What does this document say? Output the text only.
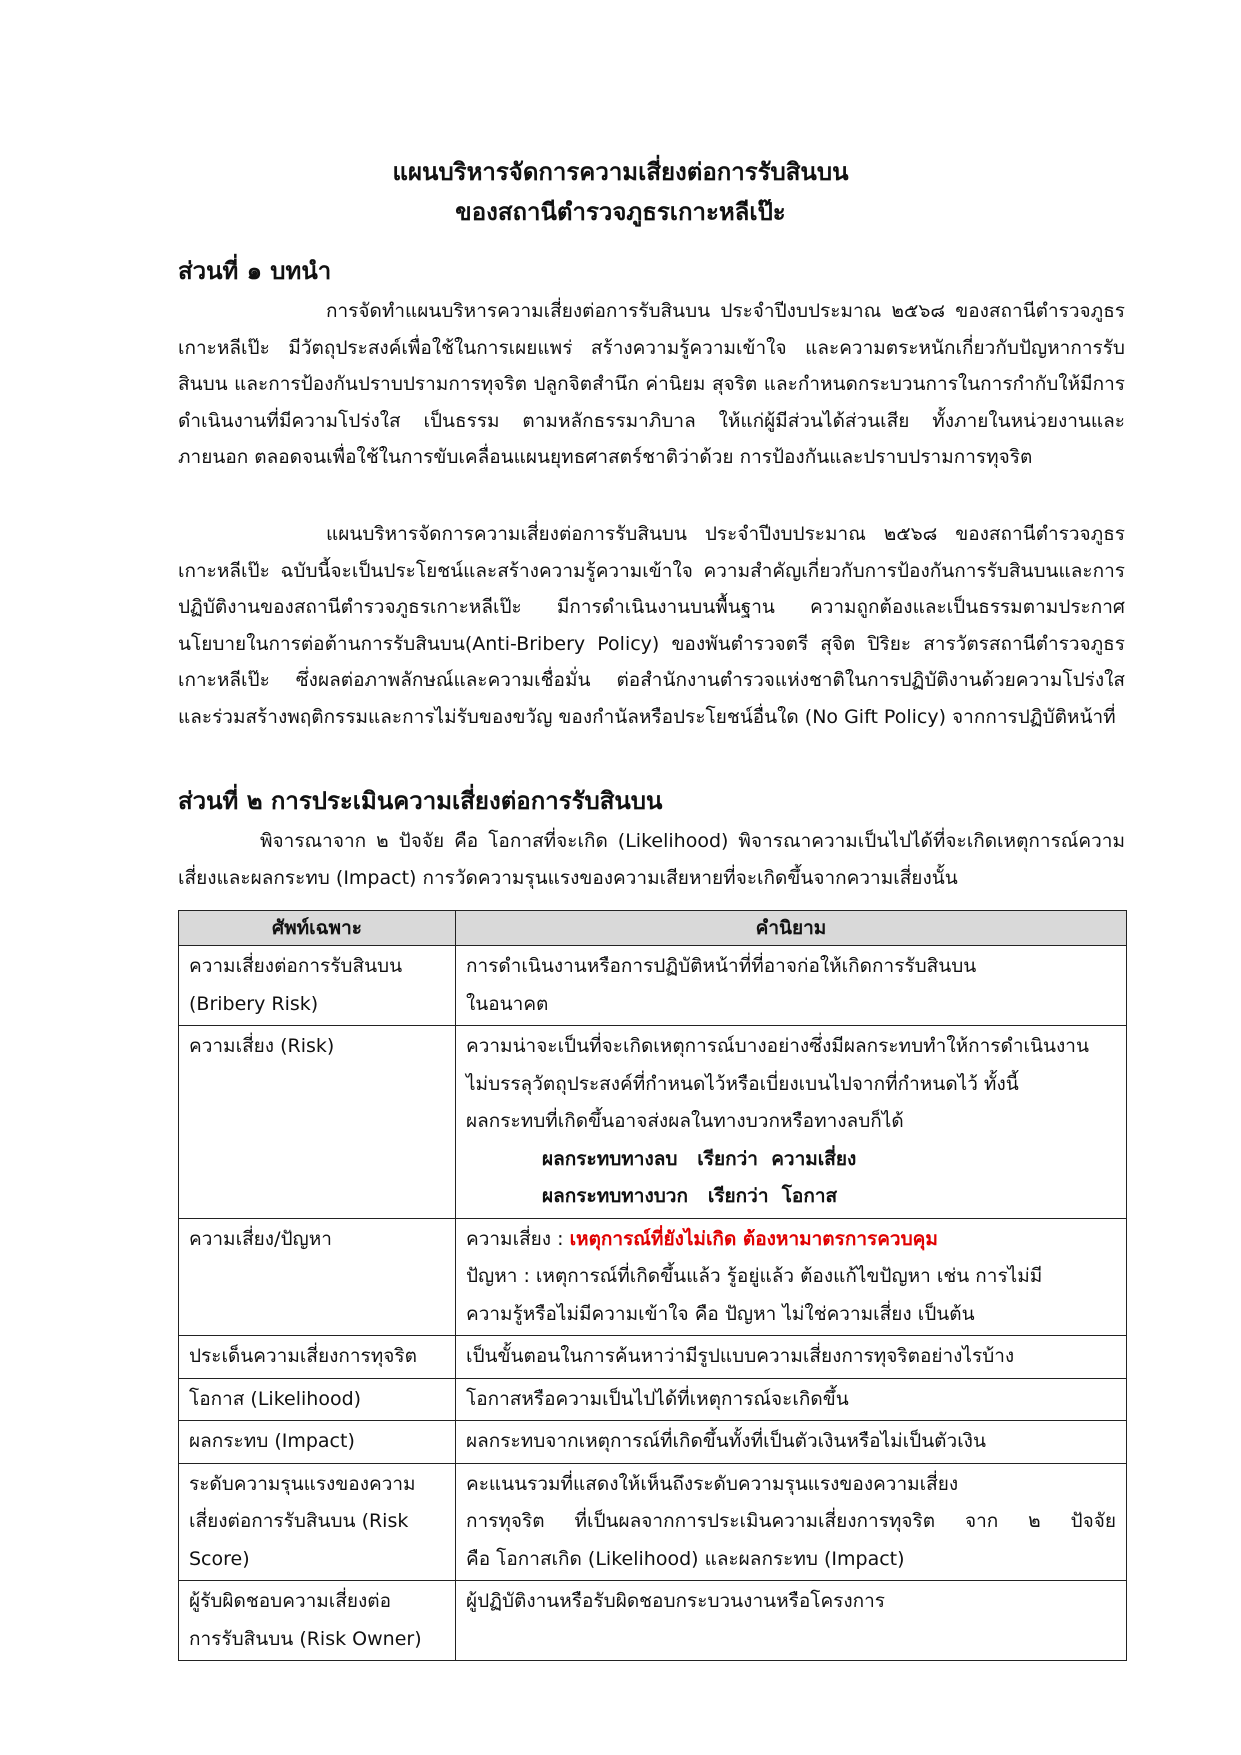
แผนบริหารจัดการความเสี่ยงต่อการรับสินบน
ของสถานีตำรวจภูธรเกาะหลีเป๊ะ
ส่วนที่ ๑ บทนำ
การจัดทำแผนบริหารความเสี่ยงต่อการรับสินบน ประจำปีงบประมาณ ๒๕๖๘ ของสถานีตำรวจภูธรเกาะหลีเป๊ะ มีวัตถุประสงค์เพื่อใช้ในการเผยแพร่ สร้างความรู้ความเข้าใจ และความตระหนักเกี่ยวกับปัญหาการรับสินบน และการป้องกันปราบปรามการทุจริต ปลูกจิตสำนึก ค่านิยม สุจริต และกำหนดกระบวนการในการกำกับให้มีการดำเนินงานที่มีความโปร่งใส เป็นธรรม ตามหลักธรรมาภิบาล ให้แก่ผู้มีส่วนได้ส่วนเสีย ทั้งภายในหน่วยงานและภายนอก ตลอดจนเพื่อใช้ในการขับเคลื่อนแผนยุทธศาสตร์ชาติว่าด้วย การป้องกันและปราบปรามการทุจริต
แผนบริหารจัดการความเสี่ยงต่อการรับสินบน ประจำปีงบประมาณ ๒๕๖๘ ของสถานีตำรวจภูธรเกาะหลีเป๊ะ ฉบับนี้จะเป็นประโยชน์และสร้างความรู้ความเข้าใจ ความสำคัญเกี่ยวกับการป้องกันการรับสินบนและการปฏิบัติงานของสถานีตำรวจภูธรเกาะหลีเป๊ะ มีการดำเนินงานบนพื้นฐาน ความถูกต้องและเป็นธรรมตามประกาศนโยบายในการต่อต้านการรับสินบน(Anti-Bribery Policy) ของพันตำรวจตรี สุจิต ปิริยะ สารวัตรสถานีตำรวจภูธรเกาะหลีเป๊ะ ซึ่งผลต่อภาพลักษณ์และความเชื่อมั่น ต่อสำนักงานตำรวจแห่งชาติในการปฏิบัติงานด้วยความโปร่งใส และร่วมสร้างพฤติกรรมและการไม่รับของขวัญ ของกำนัลหรือประโยชน์อื่นใด (No Gift Policy) จากการปฏิบัติหน้าที่
ส่วนที่ ๒ การประเมินความเสี่ยงต่อการรับสินบน
พิจารณาจาก ๒ ปัจจัย คือ โอกาสที่จะเกิด (Likelihood) พิจารณาความเป็นไปได้ที่จะเกิดเหตุการณ์ความเสี่ยงและผลกระทบ (Impact) การวัดความรุนแรงของความเสียหายที่จะเกิดขึ้นจากความเสี่ยงนั้น
ศัพท์เฉพาะ	คำนิยาม

ความเสี่ยงต่อการรับสินบน
(Bribery Risk)	การดำเนินงานหรือการปฏิบัติหน้าที่ที่อาจก่อให้เกิดการรับสินบน
ในอนาคต

ความเสี่ยง (Risk)	ความน่าจะเป็นที่จะเกิดเหตุการณ์บางอย่างซึ่งมีผลกระทบทำให้การดำเนินงาน
ไม่บรรลุวัตถุประสงค์ที่กำหนดไว้หรือเบี่ยงเบนไปจากที่กำหนดไว้ ทั้งนี้
ผลกระทบที่เกิดขึ้นอาจส่งผลในทางบวกหรือทางลบก็ได้
ผลกระทบทางลบ   เรียกว่า  ความเสี่ยง
ผลกระทบทางบวก   เรียกว่า  โอกาส

ความเสี่ยง/ปัญหา	ความเสี่ยง : เหตุการณ์ที่ยังไม่เกิด ต้องหามาตรการควบคุม
ปัญหา : เหตุการณ์ที่เกิดขึ้นแล้ว รู้อยู่แล้ว ต้องแก้ไขปัญหา เช่น การไม่มี
ความรู้หรือไม่มีความเข้าใจ คือ ปัญหา ไม่ใช่ความเสี่ยง เป็นต้น

ประเด็นความเสี่ยงการทุจริต	เป็นขั้นตอนในการค้นหาว่ามีรูปแบบความเสี่ยงการทุจริตอย่างไรบ้าง

โอกาส (Likelihood)	โอกาสหรือความเป็นไปได้ที่เหตุการณ์จะเกิดขึ้น

ผลกระทบ (Impact)	ผลกระทบจากเหตุการณ์ที่เกิดขึ้นทั้งที่เป็นตัวเงินหรือไม่เป็นตัวเงิน

ระดับความรุนแรงของความ
เสี่ยงต่อการรับสินบน (Risk
Score)	คะแนนรวมที่แสดงให้เห็นถึงระดับความรุนแรงของความเสี่ยง
การทุจริต ที่เป็นผลจากการประเมินความเสี่ยงการทุจริต จาก ๒ ปัจจัย
คือ โอกาสเกิด (Likelihood) และผลกระทบ (Impact)

ผู้รับผิดชอบความเสี่ยงต่อ
การรับสินบน (Risk Owner)	ผู้ปฏิบัติงานหรือรับผิดชอบกระบวนงานหรือโครงการ
